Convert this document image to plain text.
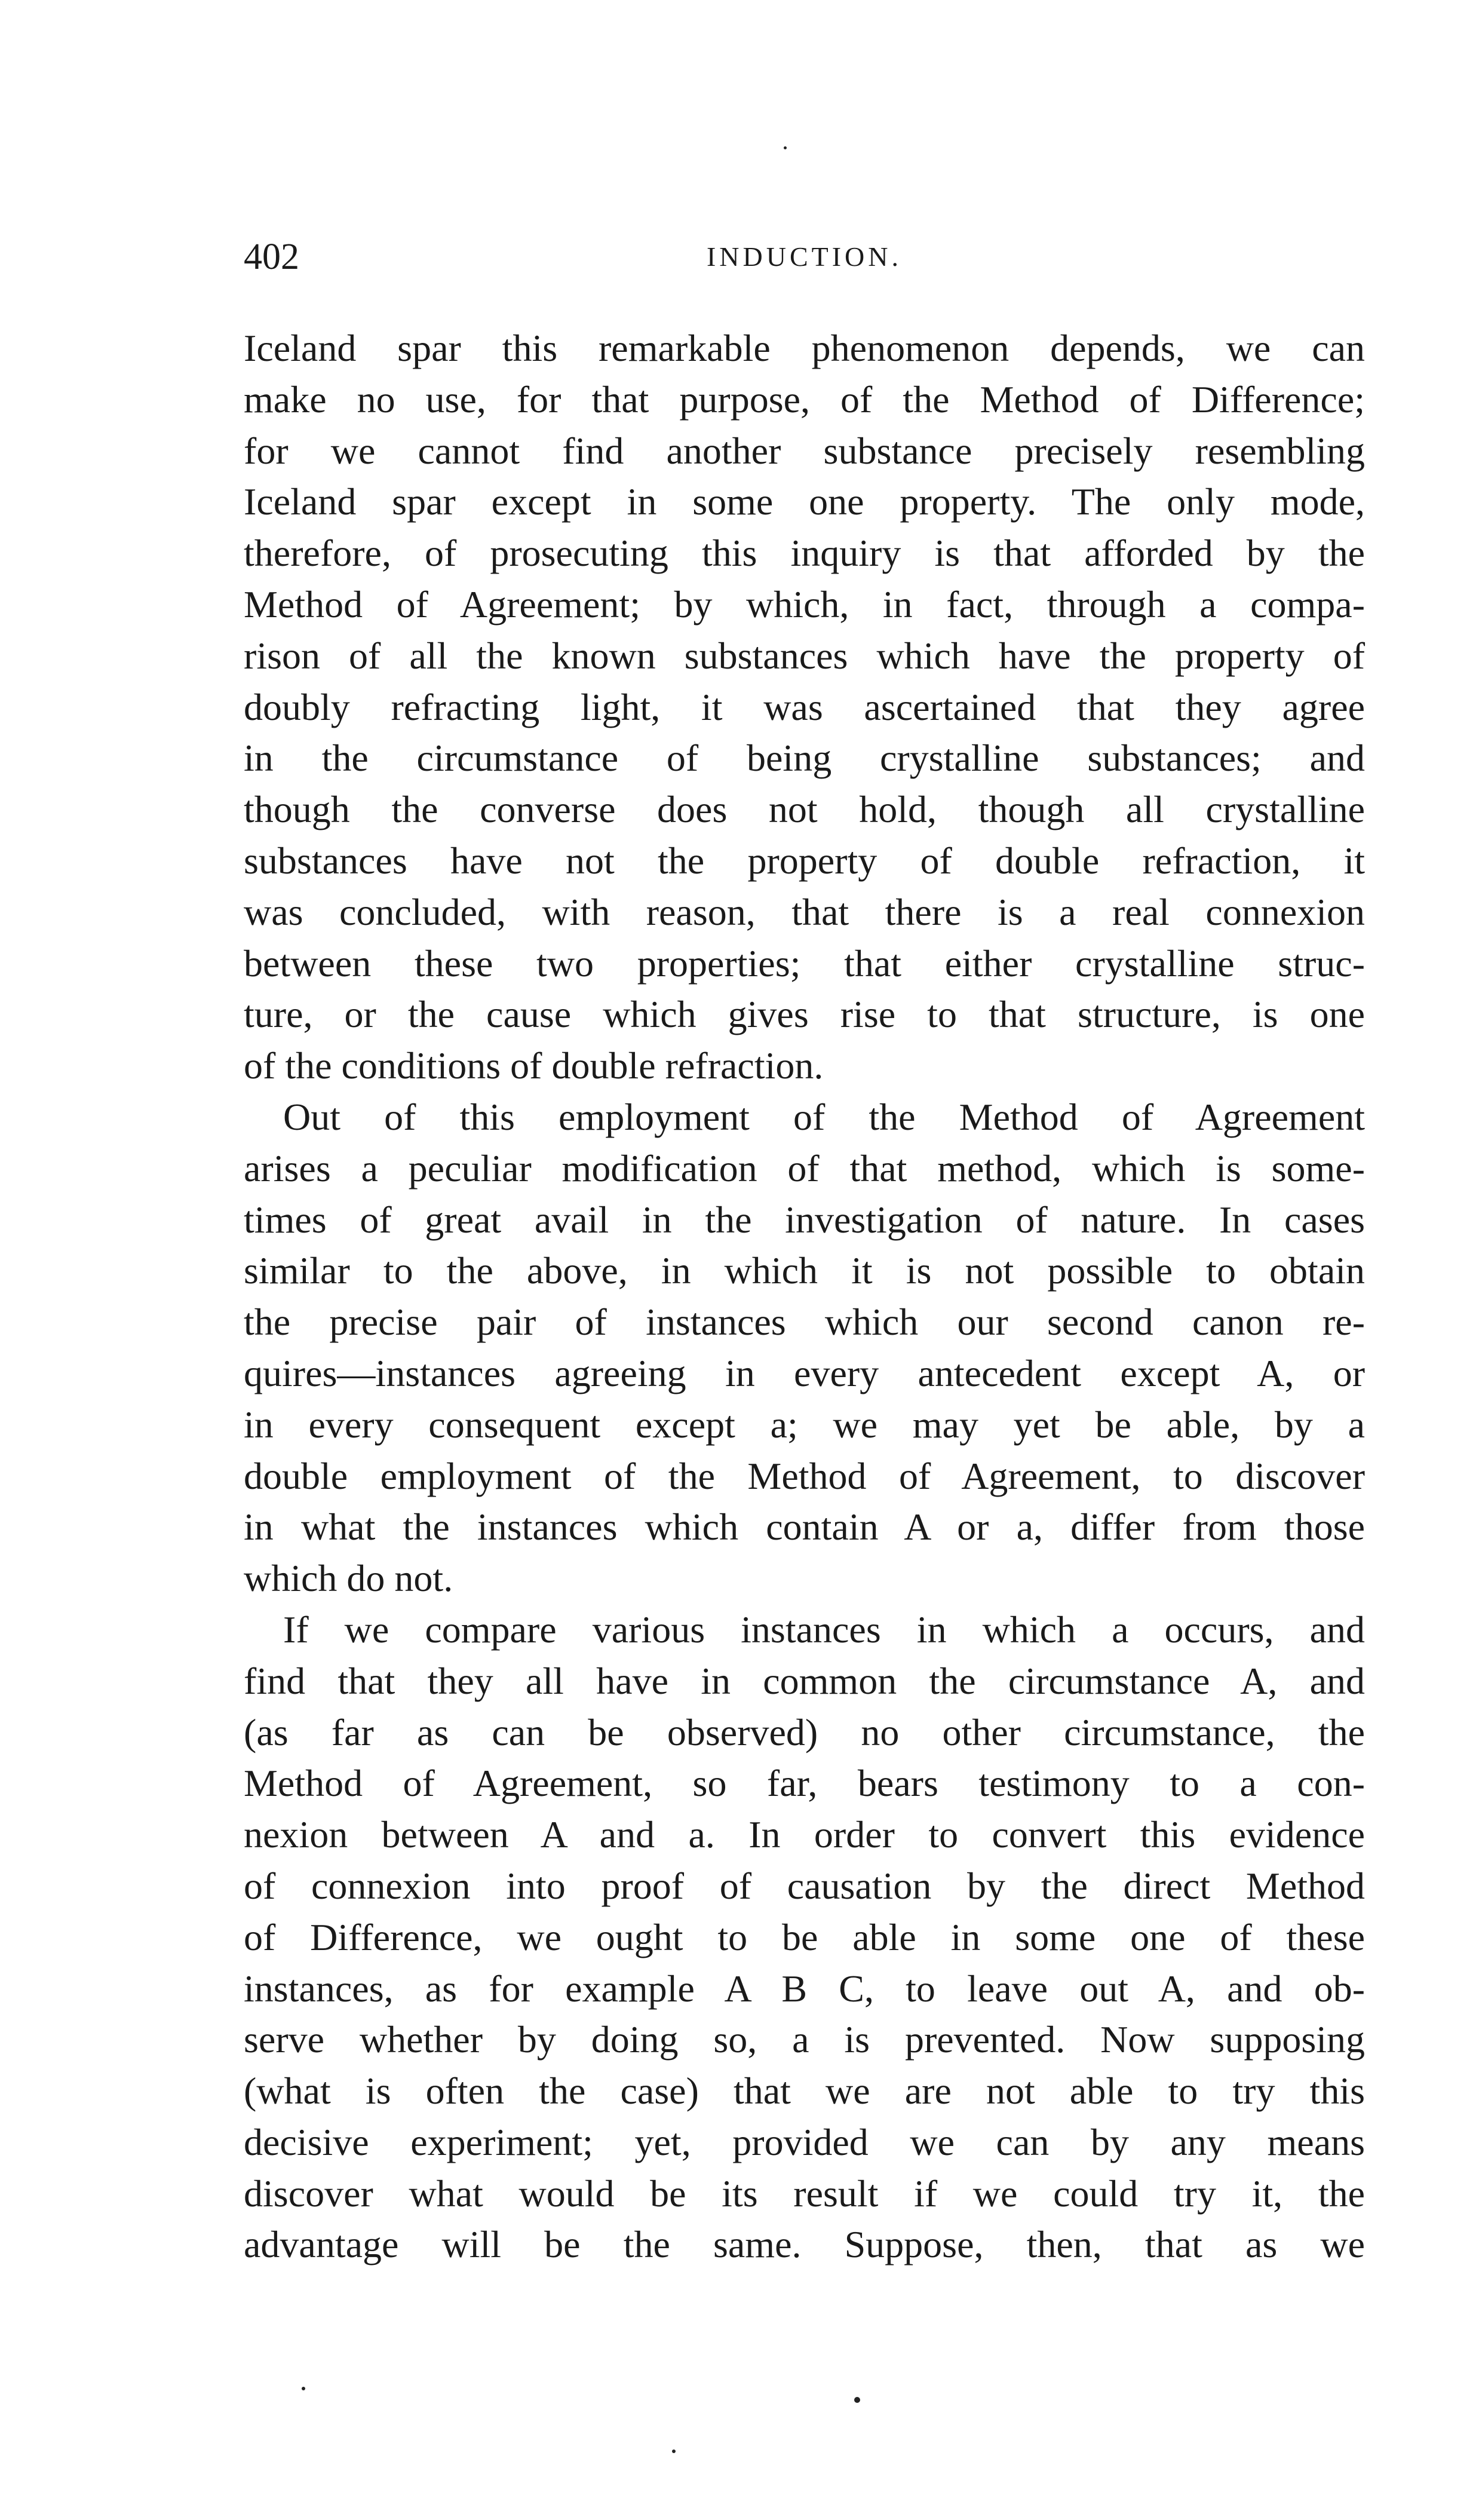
402	INDUCTION.
Iceland spar this remarkable phenomenon depends, we can
make no use, for that purpose, of the Method of Difference;
for we cannot find another substance precisely resembling
Iceland spar except in some one property. The only mode,
therefore, of prosecuting this inquiry is that afforded by the
Method of Agreement; by which, in fact, through a compa-
rison of all the known substances which have the property of
doubly refracting light, it was ascertained that they agree
in the circumstance of being crystalline substances; and
though the converse does not hold, though all crystalline
substances have not the property of double refraction, it
was concluded, with reason, that there is a real connexion
between these two properties; that either crystalline struc-
ture, or the cause which gives rise to that structure, is one
of the conditions of double refraction.
Out of this employment of the Method of Agreement
arises a peculiar modification of that method, which is some-
times of great avail in the investigation of nature. In cases
similar to the above, in which it is not possible to obtain
the precise pair of instances which our second canon re-
quires—instances agreeing in every antecedent except A, or
in every consequent except a; we may yet be able, by a
double employment of the Method of Agreement, to discover
in what the instances which contain A or a, differ from those
which do not.
If we compare various instances in which a occurs, and
find that they all have in common the circumstance A, and
(as far as can be observed) no other circumstance, the
Method of Agreement, so far, bears testimony to a con-
nexion between A and a. In order to convert this evidence
of connexion into proof of causation by the direct Method
of Difference, we ought to be able in some one of these
instances, as for example A B C, to leave out A, and ob-
serve whether by doing so, a is prevented. Now supposing
(what is often the case) that we are not able to try this
decisive experiment; yet, provided we can by any means
discover what would be its result if we could try it, the
advantage will be the same. Suppose, then, that as we
